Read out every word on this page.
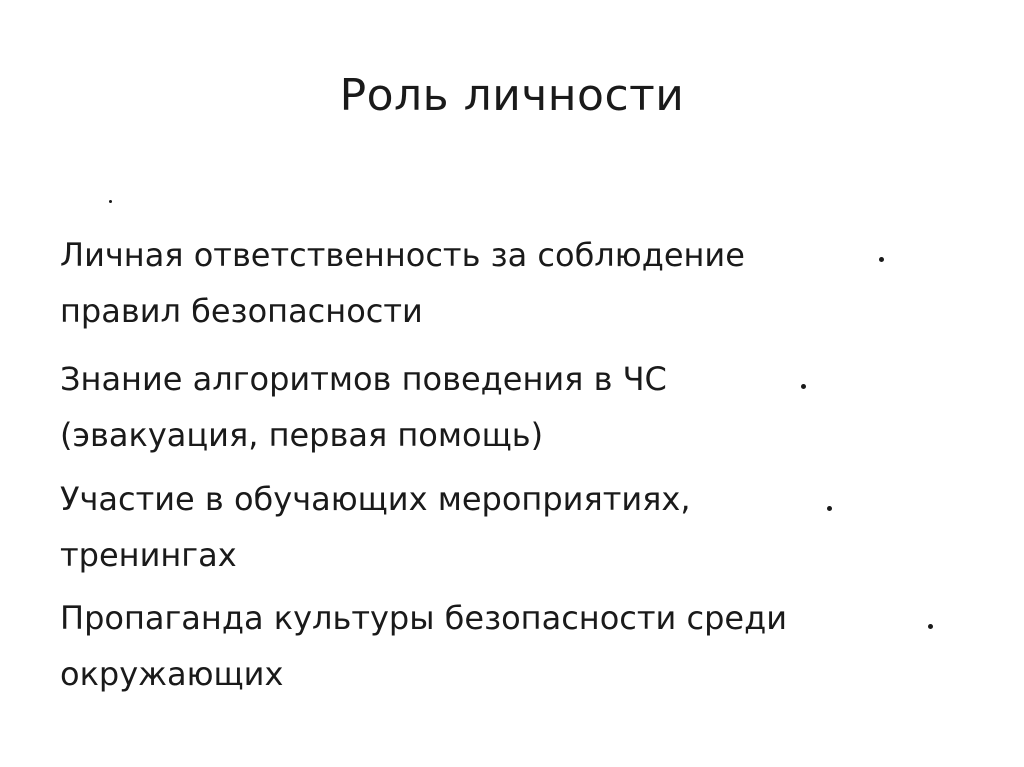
Роль личности
Личная ответственность за соблюдение
правил безопасности
Знание алгоритмов поведения в ЧС
(эвакуация, первая помощь)
Участие в обучающих мероприятиях,
тренингах
Пропаганда культуры безопасности среди
окружающих
